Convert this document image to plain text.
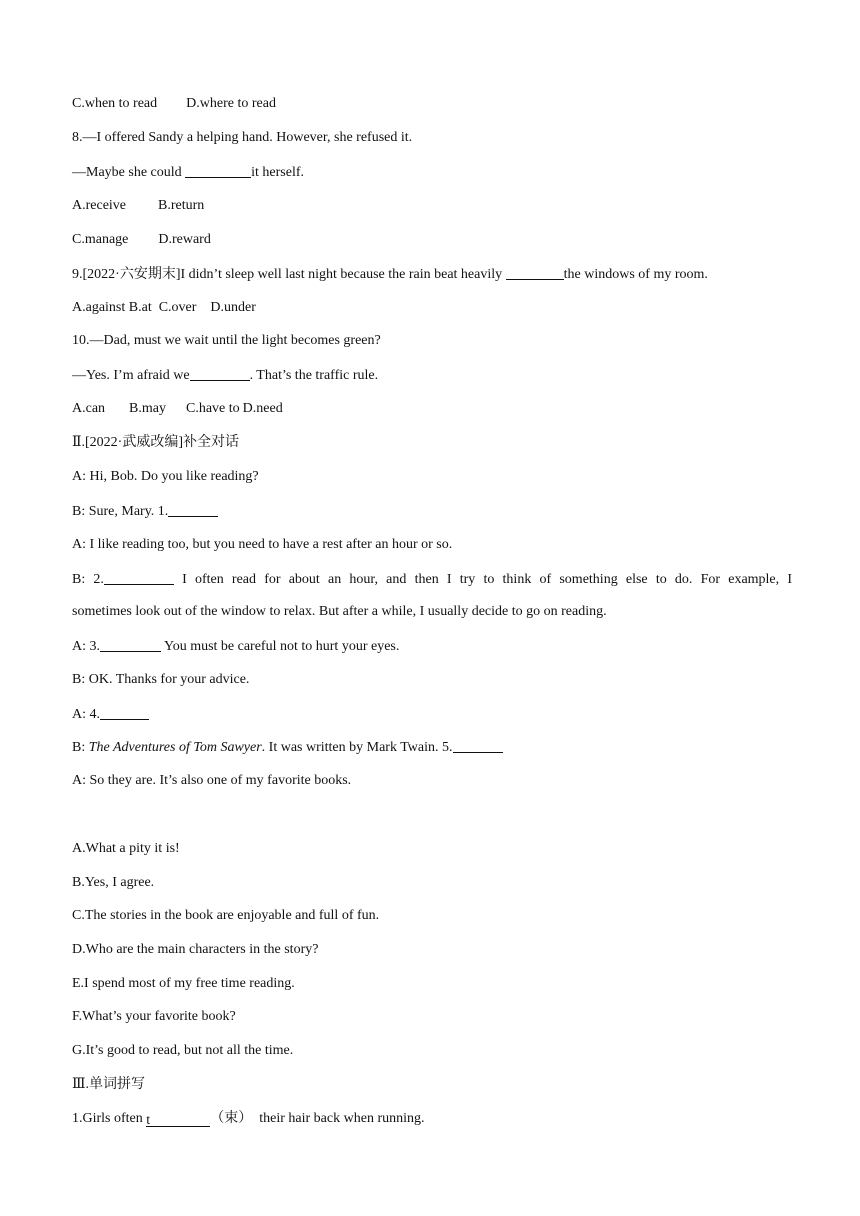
C.when to read D.where to read
8.—I offered Sandy a helping hand. However, she refused it.
—Maybe she could	it herself.
A.receive B.return
C.manage D.reward
9.[2022·六安期末]I didn’t sleep well last night because the rain beat heavily	the windows of my room.
A.against B.at  C.over    D.under
10.—Dad, must we wait until the light becomes green?
—Yes. I’m afraid we	. That’s the traffic rule.
A.can B.may C.have to D.need
Ⅱ.[2022·武威改编]补全对话
A: Hi, Bob. Do you like reading?
B: Sure, Mary. 1.
A: I like reading too, but you need to have a rest after an hour or so.
B: 2.	I often read for about an hour, and then I try to think of something else to do. For example, I
sometimes look out of the window to relax. But after a while, I usually decide to go on reading.
A: 3.	You must be careful not to hurt your eyes.
B: OK. Thanks for your advice.
A: 4.
B: The Adventures of Tom Sawyer. It was written by Mark Twain. 5.
A: So they are. It’s also one of my favorite books.
A.What a pity it is!
B.Yes, I agree.
C.The stories in the book are enjoyable and full of fun.
D.Who are the main characters in the story?
E.I spend most of my free time reading.
F.What’s your favorite book?
G.It’s good to read, but not all the time.
Ⅲ.单词拼写
1.Girls often t	（束）  their hair back when running.
